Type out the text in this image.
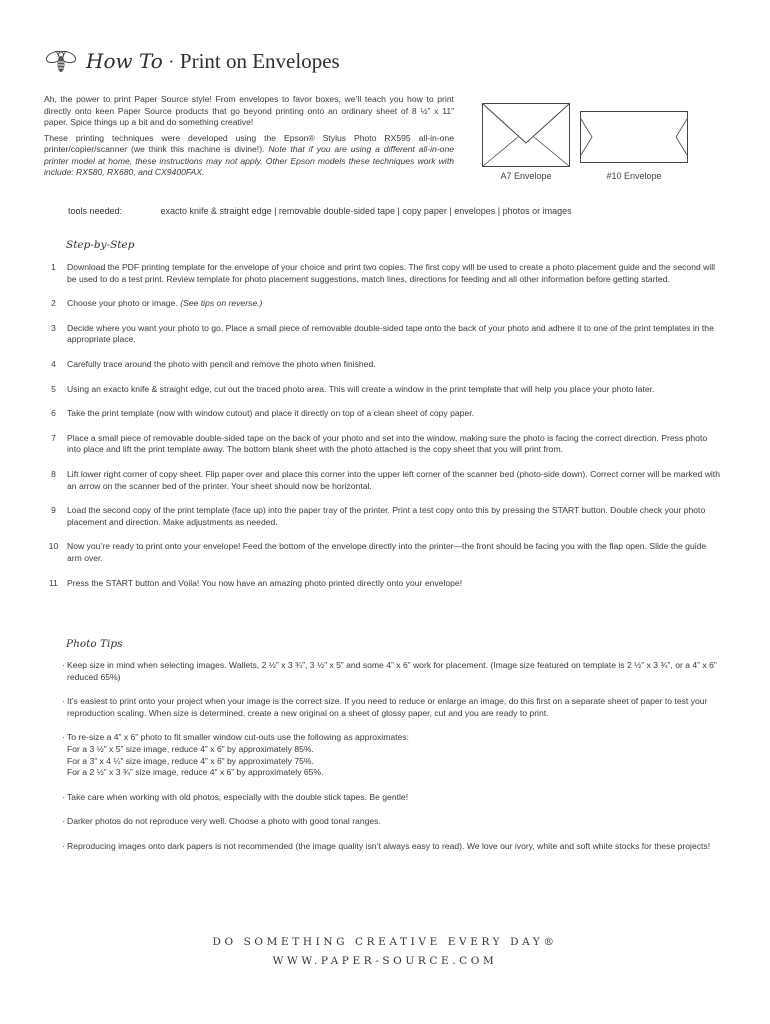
How To · Print on Envelopes

Ah, the power to print Paper Source style! From envelopes to favor boxes, we’ll teach you how to print directly onto keen Paper Source products that go beyond printing onto an ordinary sheet of 8 ½” x 11” paper. Spice things up a bit and do something creative!

These printing techniques were developed using the Epson® Stylus Photo RX595 all-in-one printer/copier/scanner (we think this machine is divine!). Note that if you are using a different all-in-one printer model at home, these instructions may not apply. Other Epson models these techniques work with include: RX580, RX680, and CX9400FAX.	A7 Envelope	#10 Envelope
tools needed:	exacto knife & straight edge | removable double-sided tape | copy paper | envelopes | photos or images
Step-by-Step
1	Download the PDF printing template for the envelope of your choice and print two copies. The first copy will be used to create a photo placement guide and the second will be used to do a test print. Review template for photo placement suggestions, match lines, directions for feeding and all other information before getting started.
2	Choose your photo or image. (See tips on reverse.)
3	Decide where you want your photo to go. Place a small piece of removable double-sided tape onto the back of your photo and adhere it to one of the print templates in the appropriate place.
4	Carefully trace around the photo with pencil and remove the photo when finished.
5	Using an exacto knife & straight edge, cut out the traced photo area. This will create a window in the print template that will help you place your photo later.
6	Take the print template (now with window cutout) and place it directly on top of a clean sheet of copy paper.
7	Place a small piece of removable double-sided tape on the back of your photo and set into the window, making sure the photo is facing the correct direction. Press photo into place and lift the print template away. The bottom blank sheet with the photo attached is the copy sheet that you will print from.
8	Lift lower right corner of copy sheet. Flip paper over and place this corner into the upper left corner of the scanner bed (photo-side down). Correct corner will be marked with an arrow on the scanner bed of the printer. Your sheet should now be horizontal.
9	Load the second copy of the print template (face up) into the paper tray of the printer. Print a test copy onto this by pressing the START button. Double check your photo placement and direction. Make adjustments as needed.
10	Now you’re ready to print onto your envelope! Feed the bottom of the envelope directly into the printer—the front should be facing you with the flap open. Slide the guide arm over.
11	Press the START button and Voila! You now have an amazing photo printed directly onto your envelope!
Photo Tips
· Keep size in mind when selecting images. Wallets, 2 ½” x 3 ¾”, 3 ½” x 5” and some 4” x 6” work for placement. (Image size featured on template is 2 ½” x 3 ¾”, or a 4” x 6” reduced 65%)
· It’s easiest to print onto your project when your image is the correct size. If you need to reduce or enlarge an image, do this first on a separate sheet of paper to test your reproduction scaling. When size is determined, create a new original on a sheet of glossy paper, cut and you are ready to print.
· To re-size a 4” x 6” photo to fit smaller window cut-outs use the following as approximates:
For a 3 ½” x 5” size image, reduce 4” x 6” by approximately 85%.
For a 3” x 4 ¼” size image, reduce 4” x 6” by approximately 75%.
For a 2 ½” x 3 ¾” size image, reduce 4” x 6” by approximately 65%.
· Take care when working with old photos, especially with the double stick tapes. Be gentle!
· Darker photos do not reproduce very well. Choose a photo with good tonal ranges.
· Reproducing images onto dark papers is not recommended (the image quality isn’t always easy to read). We love our ivory, white and soft white stocks for these projects!
DO SOMETHING CREATIVE EVERY DAY®
WWW.PAPER-SOURCE.COM
